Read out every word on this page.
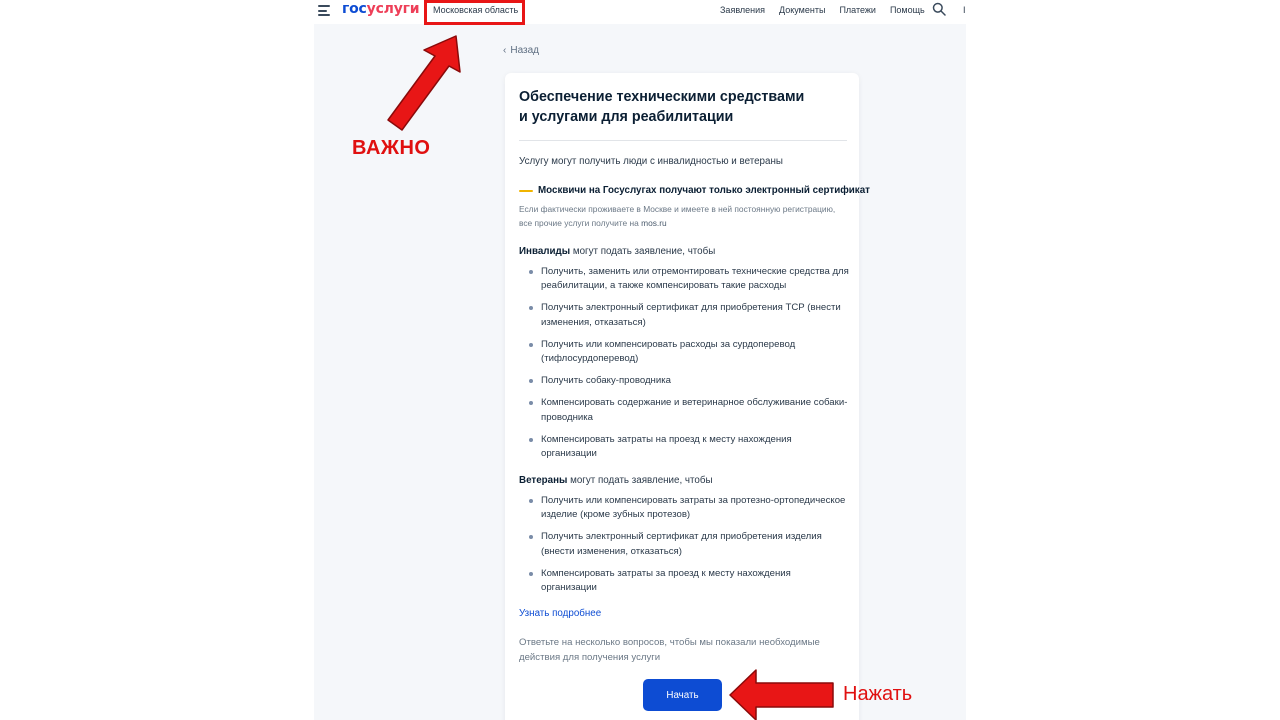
госуслуги Московская область	Заявления Документы Платежи Помощь	I
‹ Назад
Обеспечение техническими средствами
и услугами для реабилитации
Услугу могут получить люди с инвалидностью и ветераны
Москвичи на Госуслугах получают только электронный сертификат
Если фактически проживаете в Москве и имеете в ней постоянную регистрацию, все прочие услуги получите на mos.ru
Инвалиды могут подать заявление, чтобы
Получить, заменить или отремонтировать технические средства для реабилитации, а также компенсировать такие расходы
Получить электронный сертификат для приобретения ТСР (внести изменения, отказаться)
Получить или компенсировать расходы за сурдоперевод (тифлосурдоперевод)
Получить собаку-проводника
Компенсировать содержание и ветеринарное обслуживание собаки-проводника
Компенсировать затраты на проезд к месту нахождения организации
Ветераны могут подать заявление, чтобы
Получить или компенсировать затраты за протезно-ортопедическое изделие (кроме зубных протезов)
Получить электронный сертификат для приобретения изделия (внести изменения, отказаться)
Компенсировать затраты за проезд к месту нахождения организации
Узнать подробнее
Ответьте на несколько вопросов, чтобы мы показали необходимые действия для получения услуги
Начать
ВАЖНО
Нажать
